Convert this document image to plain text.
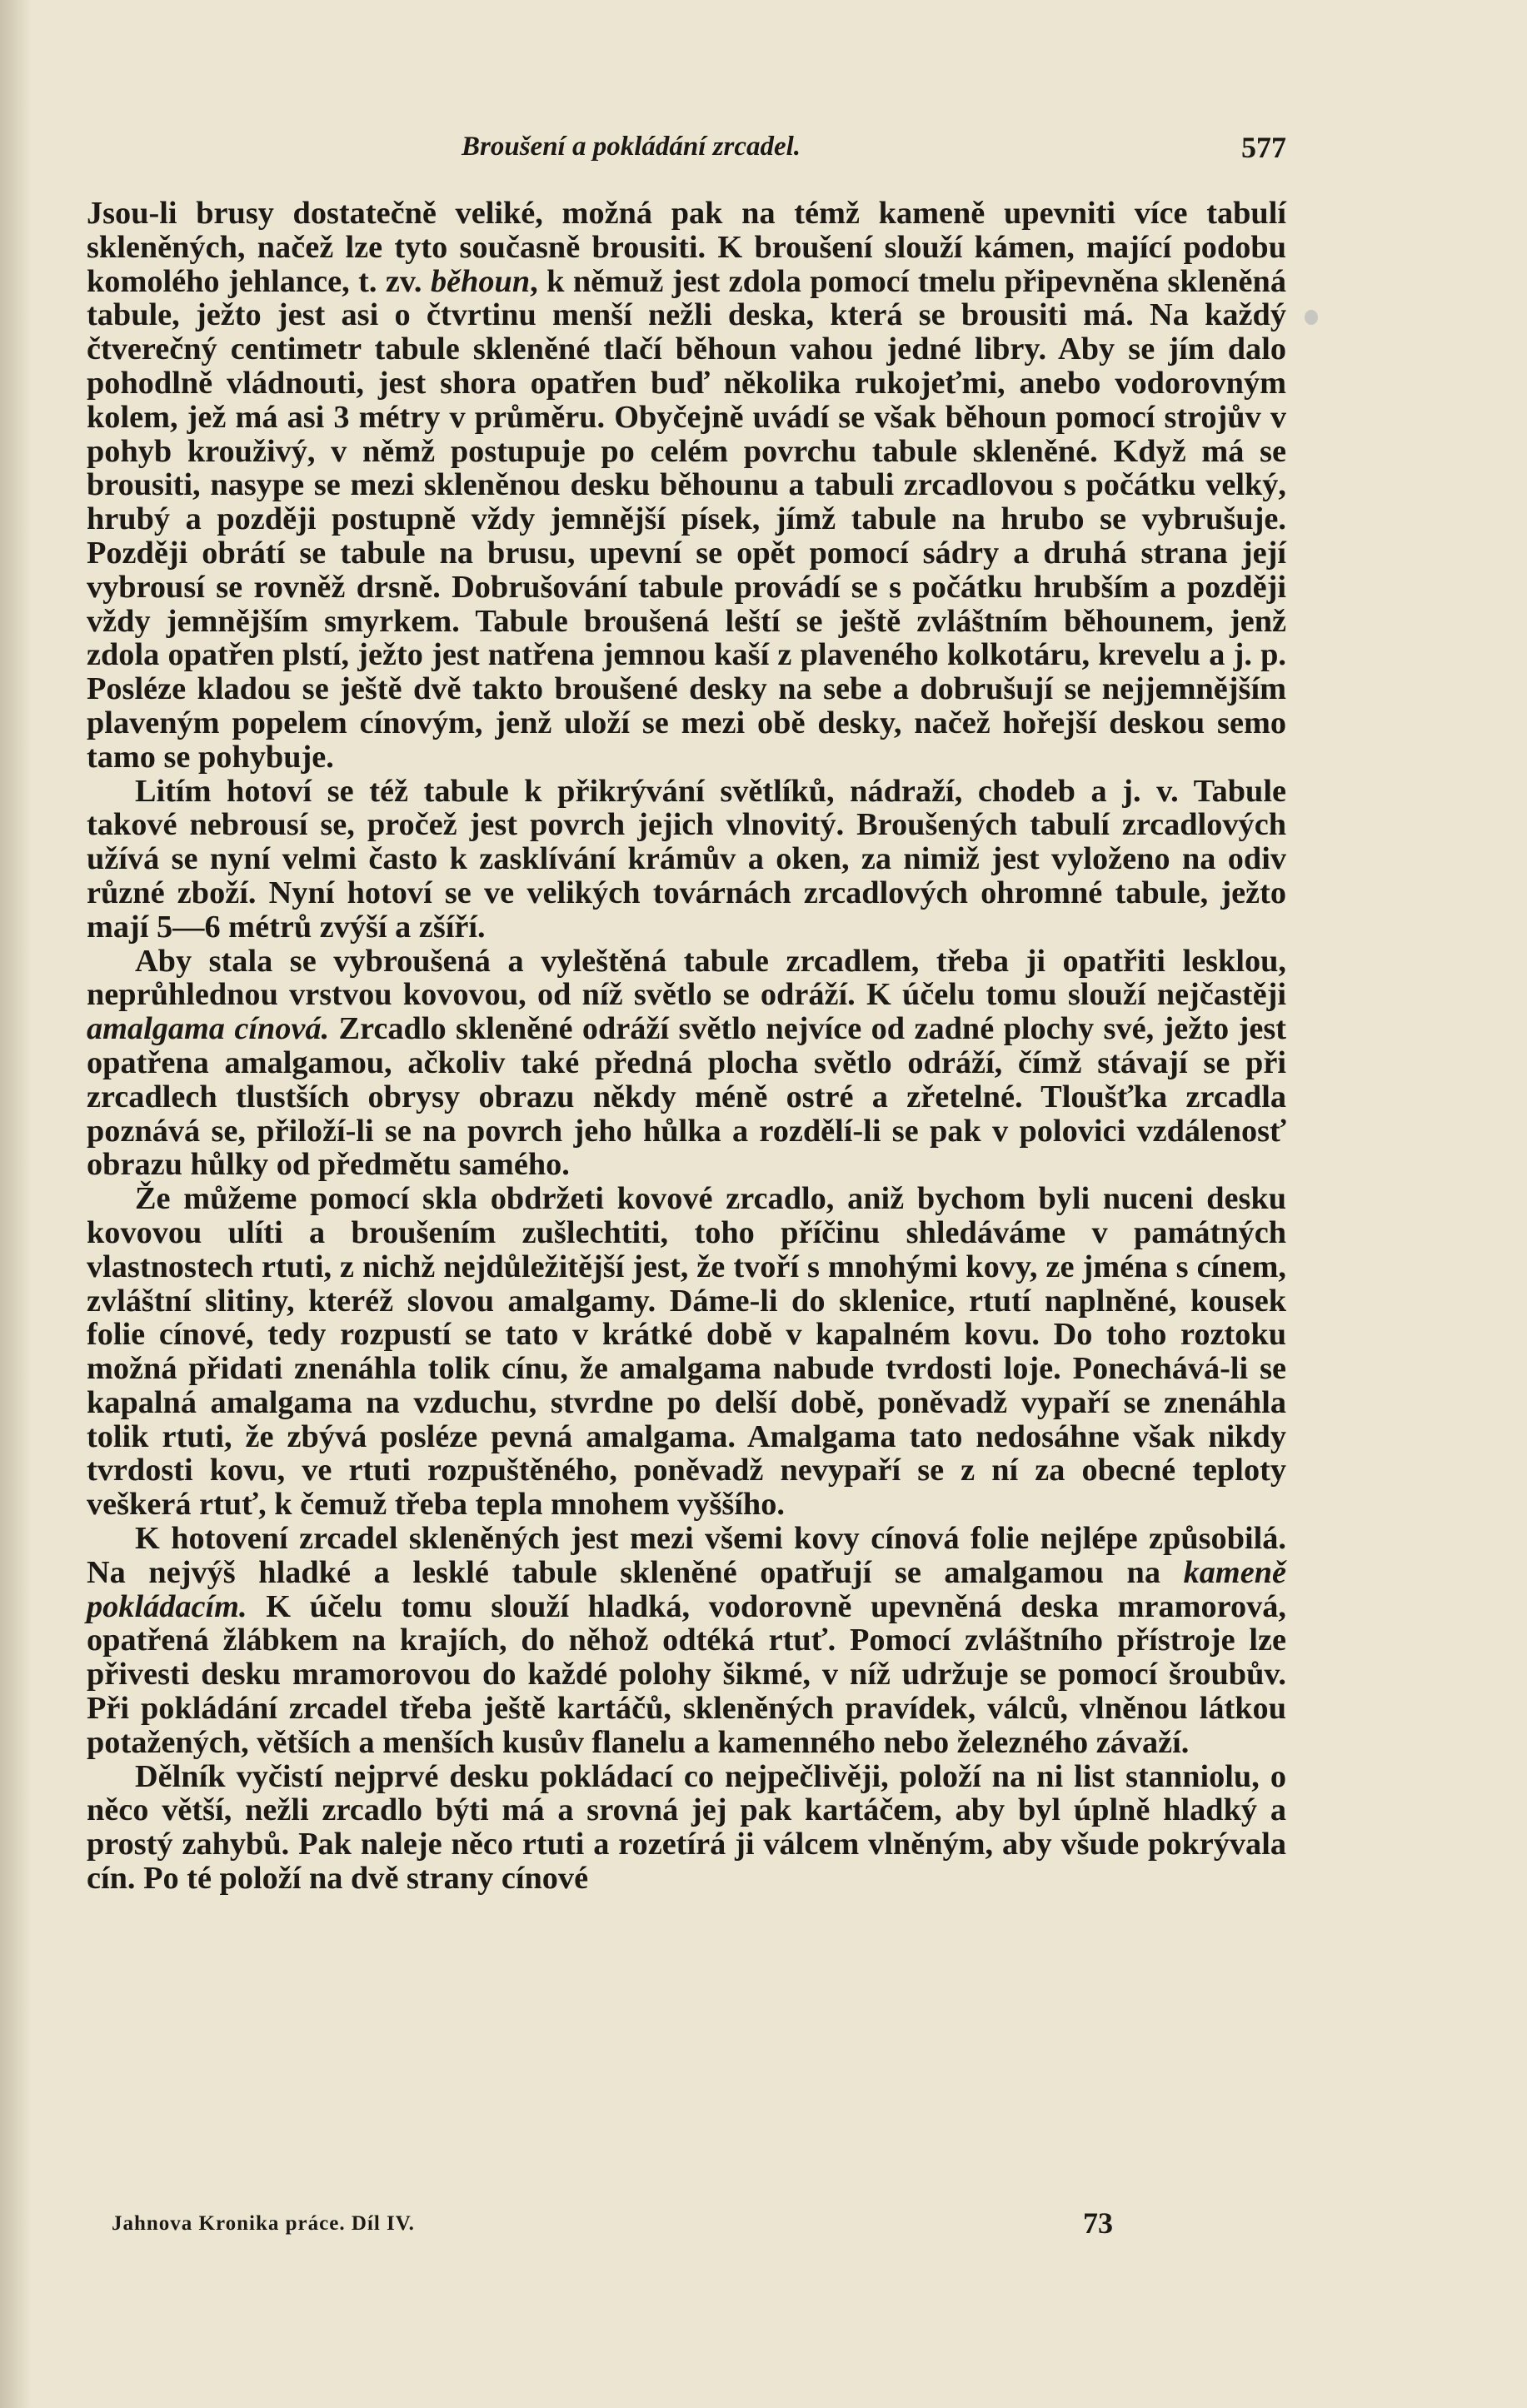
Broušení a pokládání zrcadel.	577

Jsou-li brusy dostatečně veliké, možná pak na témž kameně upevniti více tabulí skleněných, načež lze tyto současně brousiti. K broušení slouží kámen, mající podobu komolého jehlance, t. zv. běhoun, k němuž jest zdola pomocí tmelu připevněna skleněná tabule, ježto jest asi o čtvrtinu menší nežli deska, která se brousiti má. Na každý čtverečný centimetr tabule skleněné tlačí běhoun vahou jedné libry. Aby se jím dalo pohodlně vládnouti, jest shora opatřen buď několika rukojeťmi, anebo vodorovným kolem, jež má asi 3 métry v průměru. Obyčejně uvádí se však běhoun pomocí strojův v pohyb krouživý, v němž postupuje po celém povrchu tabule skleněné. Když má se brousiti, nasype se mezi skleněnou desku běhounu a tabuli zrcadlovou s počátku velký, hrubý a později postupně vždy jemnější písek, jímž tabule na hrubo se vybrušuje. Později obrátí se tabule na brusu, upevní se opět pomocí sádry a druhá strana její vybrousí se rovněž drsně. Dobrušování tabule provádí se s počátku hrubším a později vždy jemnějším smyrkem. Tabule broušená leští se ještě zvláštním běhounem, jenž zdola opatřen plstí, ježto jest natřena jemnou kaší z plaveného kolkotáru, krevelu a j. p. Posléze kladou se ještě dvě takto broušené desky na sebe a dobrušují se nejjemnějším plaveným popelem cínovým, jenž uloží se mezi obě desky, načež hořejší deskou semo tamo se pohybuje.

Litím hotoví se též tabule k přikrývání světlíků, nádraží, chodeb a j. v. Tabule takové nebrousí se, pročež jest povrch jejich vlnovitý. Broušených tabulí zrcadlových užívá se nyní velmi často k zasklívání krámův a oken, za nimiž jest vyloženo na odiv různé zboží. Nyní hotoví se ve velikých továrnách zrcadlových ohromné tabule, ježto mají 5—6 métrů zvýší a zšíří.

Aby stala se vybroušená a vyleštěná tabule zrcadlem, třeba ji opatřiti lesklou, neprůhlednou vrstvou kovovou, od níž světlo se odráží. K účelu tomu slouží nejčastěji amalgama cínová. Zrcadlo skleněné odráží světlo nejvíce od zadné plochy své, ježto jest opatřena amalgamou, ačkoliv také předná plocha světlo odráží, čímž stávají se při zrcadlech tlustších obrysy obrazu někdy méně ostré a zřetelné. Tloušťka zrcadla poznává se, přiloží-li se na povrch jeho hůlka a rozdělí-li se pak v polovici vzdálenosť obrazu hůlky od předmětu samého.

Že můžeme pomocí skla obdržeti kovové zrcadlo, aniž bychom byli nuceni desku kovovou ulíti a broušením zušlechtiti, toho příčinu shledáváme v památných vlastnostech rtuti, z nichž nejdůležitější jest, že tvoří s mnohými kovy, ze jména s cínem, zvláštní slitiny, kteréž slovou amalgamy. Dáme-li do sklenice, rtutí naplněné, kousek folie cínové, tedy rozpustí se tato v krátké době v kapalném kovu. Do toho roztoku možná přidati znenáhla tolik cínu, že amalgama nabude tvrdosti loje. Ponechává-li se kapalná amalgama na vzduchu, stvrdne po delší době, poněvadž vypaří se znenáhla tolik rtuti, že zbývá posléze pevná amalgama. Amalgama tato nedosáhne však nikdy tvrdosti kovu, ve rtuti rozpuštěného, poněvadž nevypaří se z ní za obecné teploty veškerá rtuť, k čemuž třeba tepla mnohem vyššího.

K hotovení zrcadel skleněných jest mezi všemi kovy cínová folie nejlépe způsobilá. Na nejvýš hladké a lesklé tabule skleněné opatřují se amalgamou na kameně pokládacím. K účelu tomu slouží hladká, vodorovně upevněná deska mramorová, opatřená žlábkem na krajích, do něhož odtéká rtuť. Pomocí zvláštního přístroje lze přivesti desku mramorovou do každé polohy šikmé, v níž udržuje se pomocí šroubův. Při pokládání zrcadel třeba ještě kartáčů, skleněných pravídek, válců, vlněnou látkou potažených, větších a menších kusův flanelu a kamenného nebo železného závaží.

Dělník vyčistí nejprvé desku pokládací co nejpečlivěji, položí na ni list stanniolu, o něco větší, nežli zrcadlo býti má a srovná jej pak kartáčem, aby byl úplně hladký a prostý zahybů. Pak naleje něco rtuti a rozetírá ji válcem vlněným, aby všude pokrývala cín. Po té položí na dvě strany cínové

Jahnova Kronika práce. Díl IV.	73
